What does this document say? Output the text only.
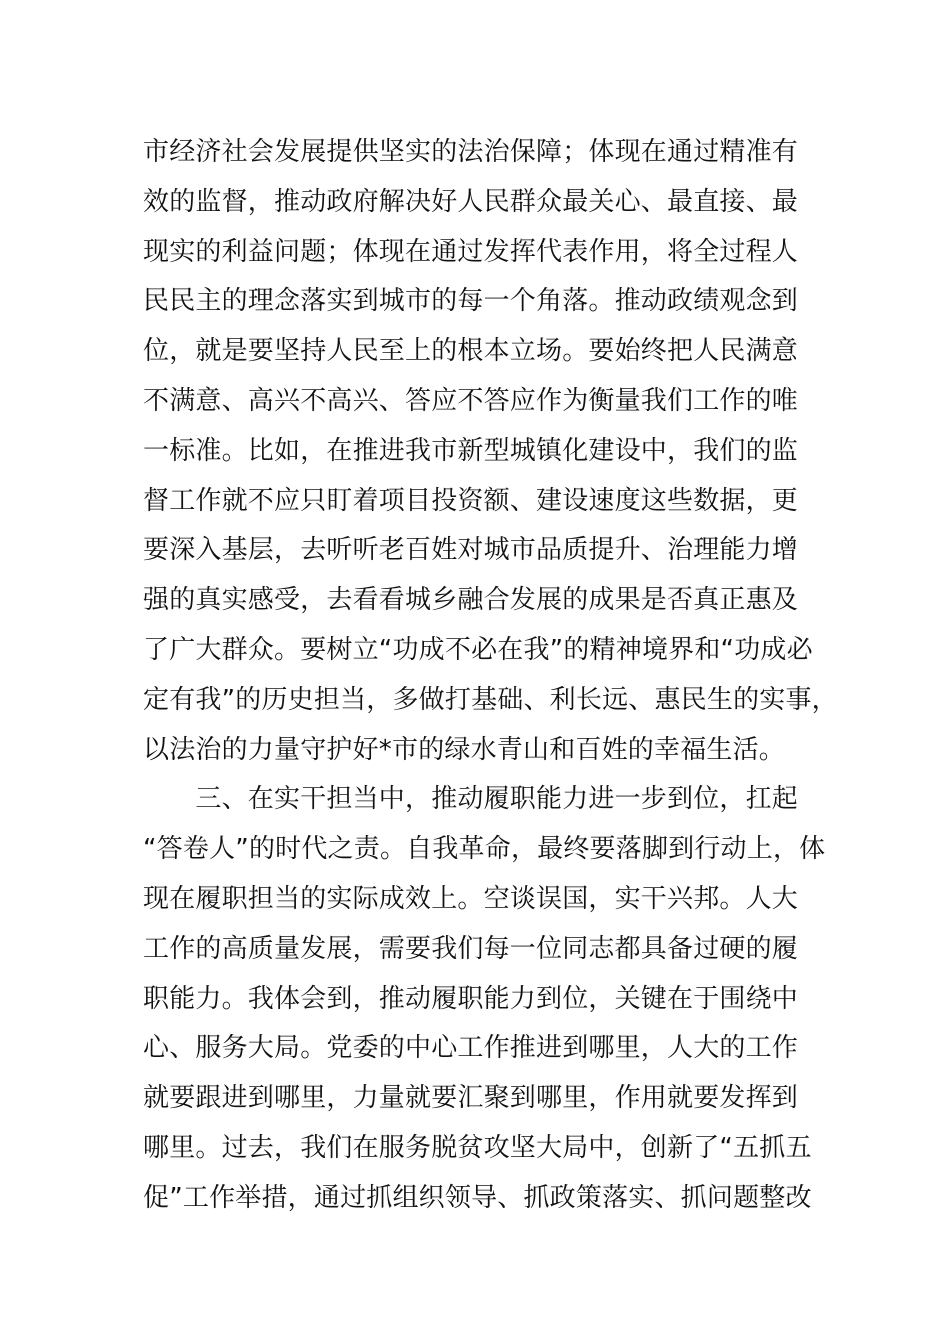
市经济社会发展提供坚实的法治保障；体现在通过精准有
效的监督，推动政府解决好人民群众最关心、最直接、最
现实的利益问题；体现在通过发挥代表作用，将全过程人
民民主的理念落实到城市的每一个角落。推动政绩观念到
位，就是要坚持人民至上的根本立场。要始终把人民满意
不满意、高兴不高兴、答应不答应作为衡量我们工作的唯
一标准。比如，在推进我市新型城镇化建设中，我们的监
督工作就不应只盯着项目投资额、建设速度这些数据，更
要深入基层，去听听老百姓对城市品质提升、治理能力增
强的真实感受，去看看城乡融合发展的成果是否真正惠及
了广大群众。要树立“功成不必在我”的精神境界和“功成必
定有我”的历史担当，多做打基础、利长远、惠民生的实事，
以法治的力量守护好*市的绿水青山和百姓的幸福生活。
　　三、在实干担当中，推动履职能力进一步到位，扛起
“答卷人”的时代之责。自我革命，最终要落脚到行动上，体
现在履职担当的实际成效上。空谈误国，实干兴邦。人大
工作的高质量发展，需要我们每一位同志都具备过硬的履
职能力。我体会到，推动履职能力到位，关键在于围绕中
心、服务大局。党委的中心工作推进到哪里，人大的工作
就要跟进到哪里，力量就要汇聚到哪里，作用就要发挥到
哪里。过去，我们在服务脱贫攻坚大局中，创新了“五抓五
促”工作举措，通过抓组织领导、抓政策落实、抓问题整改
